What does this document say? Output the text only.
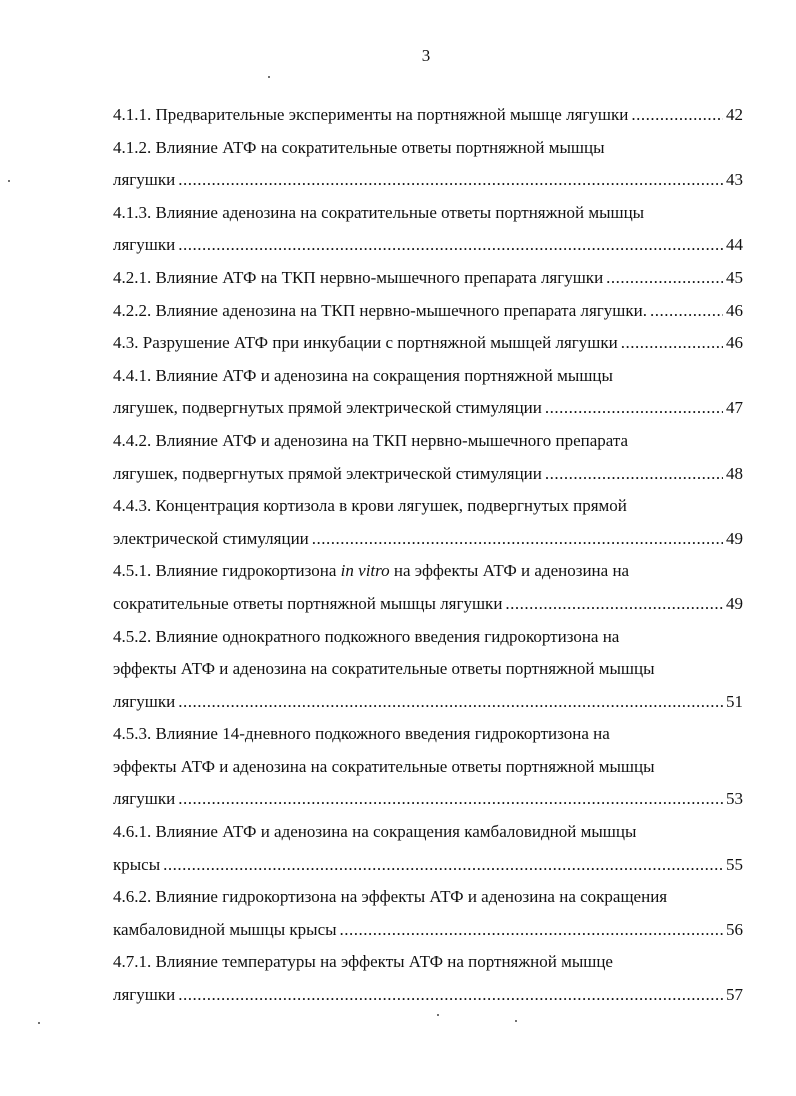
3
4.1.1. Предварительные эксперименты на портняжной мышце лягушки .....	42
4.1.2. Влияние АТФ на сократительные ответы портняжной мышцы
лягушки .....	43
4.1.3. Влияние аденозина на сократительные ответы портняжной мышцы
лягушки .....	44
4.2.1. Влияние АТФ на ТКП нервно-мышечного препарата лягушки .....	45
4.2.2. Влияние аденозина на ТКП нервно-мышечного препарата лягушки. .....	46
4.3. Разрушение АТФ при инкубации с портняжной мышцей лягушки .....	46
4.4.1. Влияние АТФ и аденозина на сокращения портняжной мышцы
лягушек, подвергнутых прямой электрической стимуляции .....	47
4.4.2. Влияние АТФ и аденозина на ТКП нервно-мышечного препарата
лягушек, подвергнутых прямой электрической стимуляции .....	48
4.4.3. Концентрация кортизола в крови лягушек, подвергнутых прямой
электрической стимуляции .....	49
4.5.1. Влияние гидрокортизона in vitro на эффекты АТФ и аденозина на
сократительные ответы портняжной мышцы лягушки .....	49
4.5.2. Влияние однократного подкожного введения гидрокортизона на
эффекты АТФ и аденозина на сократительные ответы портняжной мышцы
лягушки .....	51
4.5.3. Влияние 14-дневного подкожного введения гидрокортизона на
эффекты АТФ и аденозина на сократительные ответы портняжной мышцы
лягушки .....	53
4.6.1. Влияние АТФ и аденозина на сокращения камбаловидной мышцы
крысы .....	55
4.6.2. Влияние гидрокортизона на эффекты АТФ и аденозина на сокращения
камбаловидной мышцы крысы .....	56
4.7.1. Влияние температуры на эффекты АТФ на портняжной мышце
лягушки .....	57
